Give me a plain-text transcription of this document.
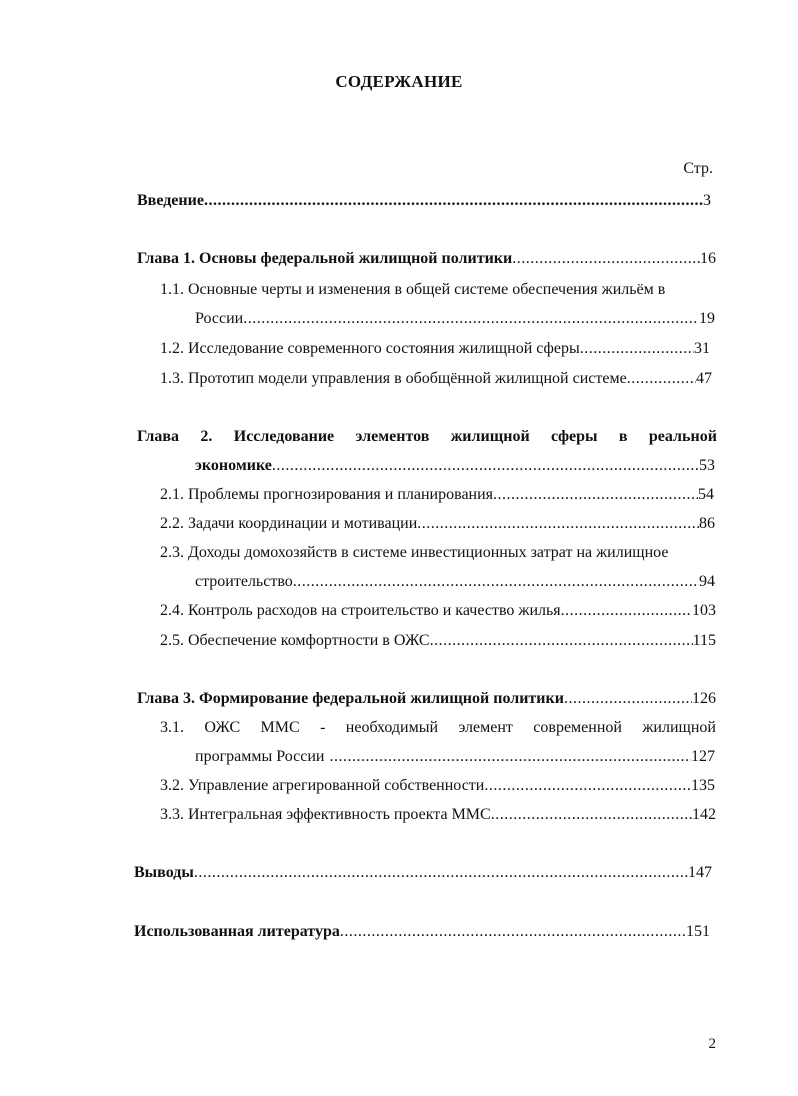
СОДЕРЖАНИЕ
Стр.
Введение .....	3
Глава 1. Основы федеральной жилищной политики .....	16
1.1. Основные черты и изменения в общей системе обеспечения жильём в
России .....	19
1.2. Исследование современного состояния жилищной сферы .....	31
1.3. Прототип модели управления в обобщённой жилищной системе .....	47
Глава 2. Исследование элементов жилищной сферы в реальной
экономике .....	53
2.1. Проблемы прогнозирования и планирования .....	54
2.2. Задачи координации и мотивации .....	86
2.3. Доходы домохозяйств в системе инвестиционных затрат на жилищное
строительство .....	94
2.4. Контроль расходов на строительство и качество жилья .....	103
2.5. Обеспечение комфортности в ОЖС .....	115
Глава 3. Формирование федеральной жилищной политики .....	126
3.1. ОЖС ММС - необходимый элемент современной жилищной
программы России .....	127
3.2. Управление агрегированной собственности .....	135
3.3. Интегральная эффективность проекта ММС .....	142
Выводы .....	147
Использованная литература .....	151
2
